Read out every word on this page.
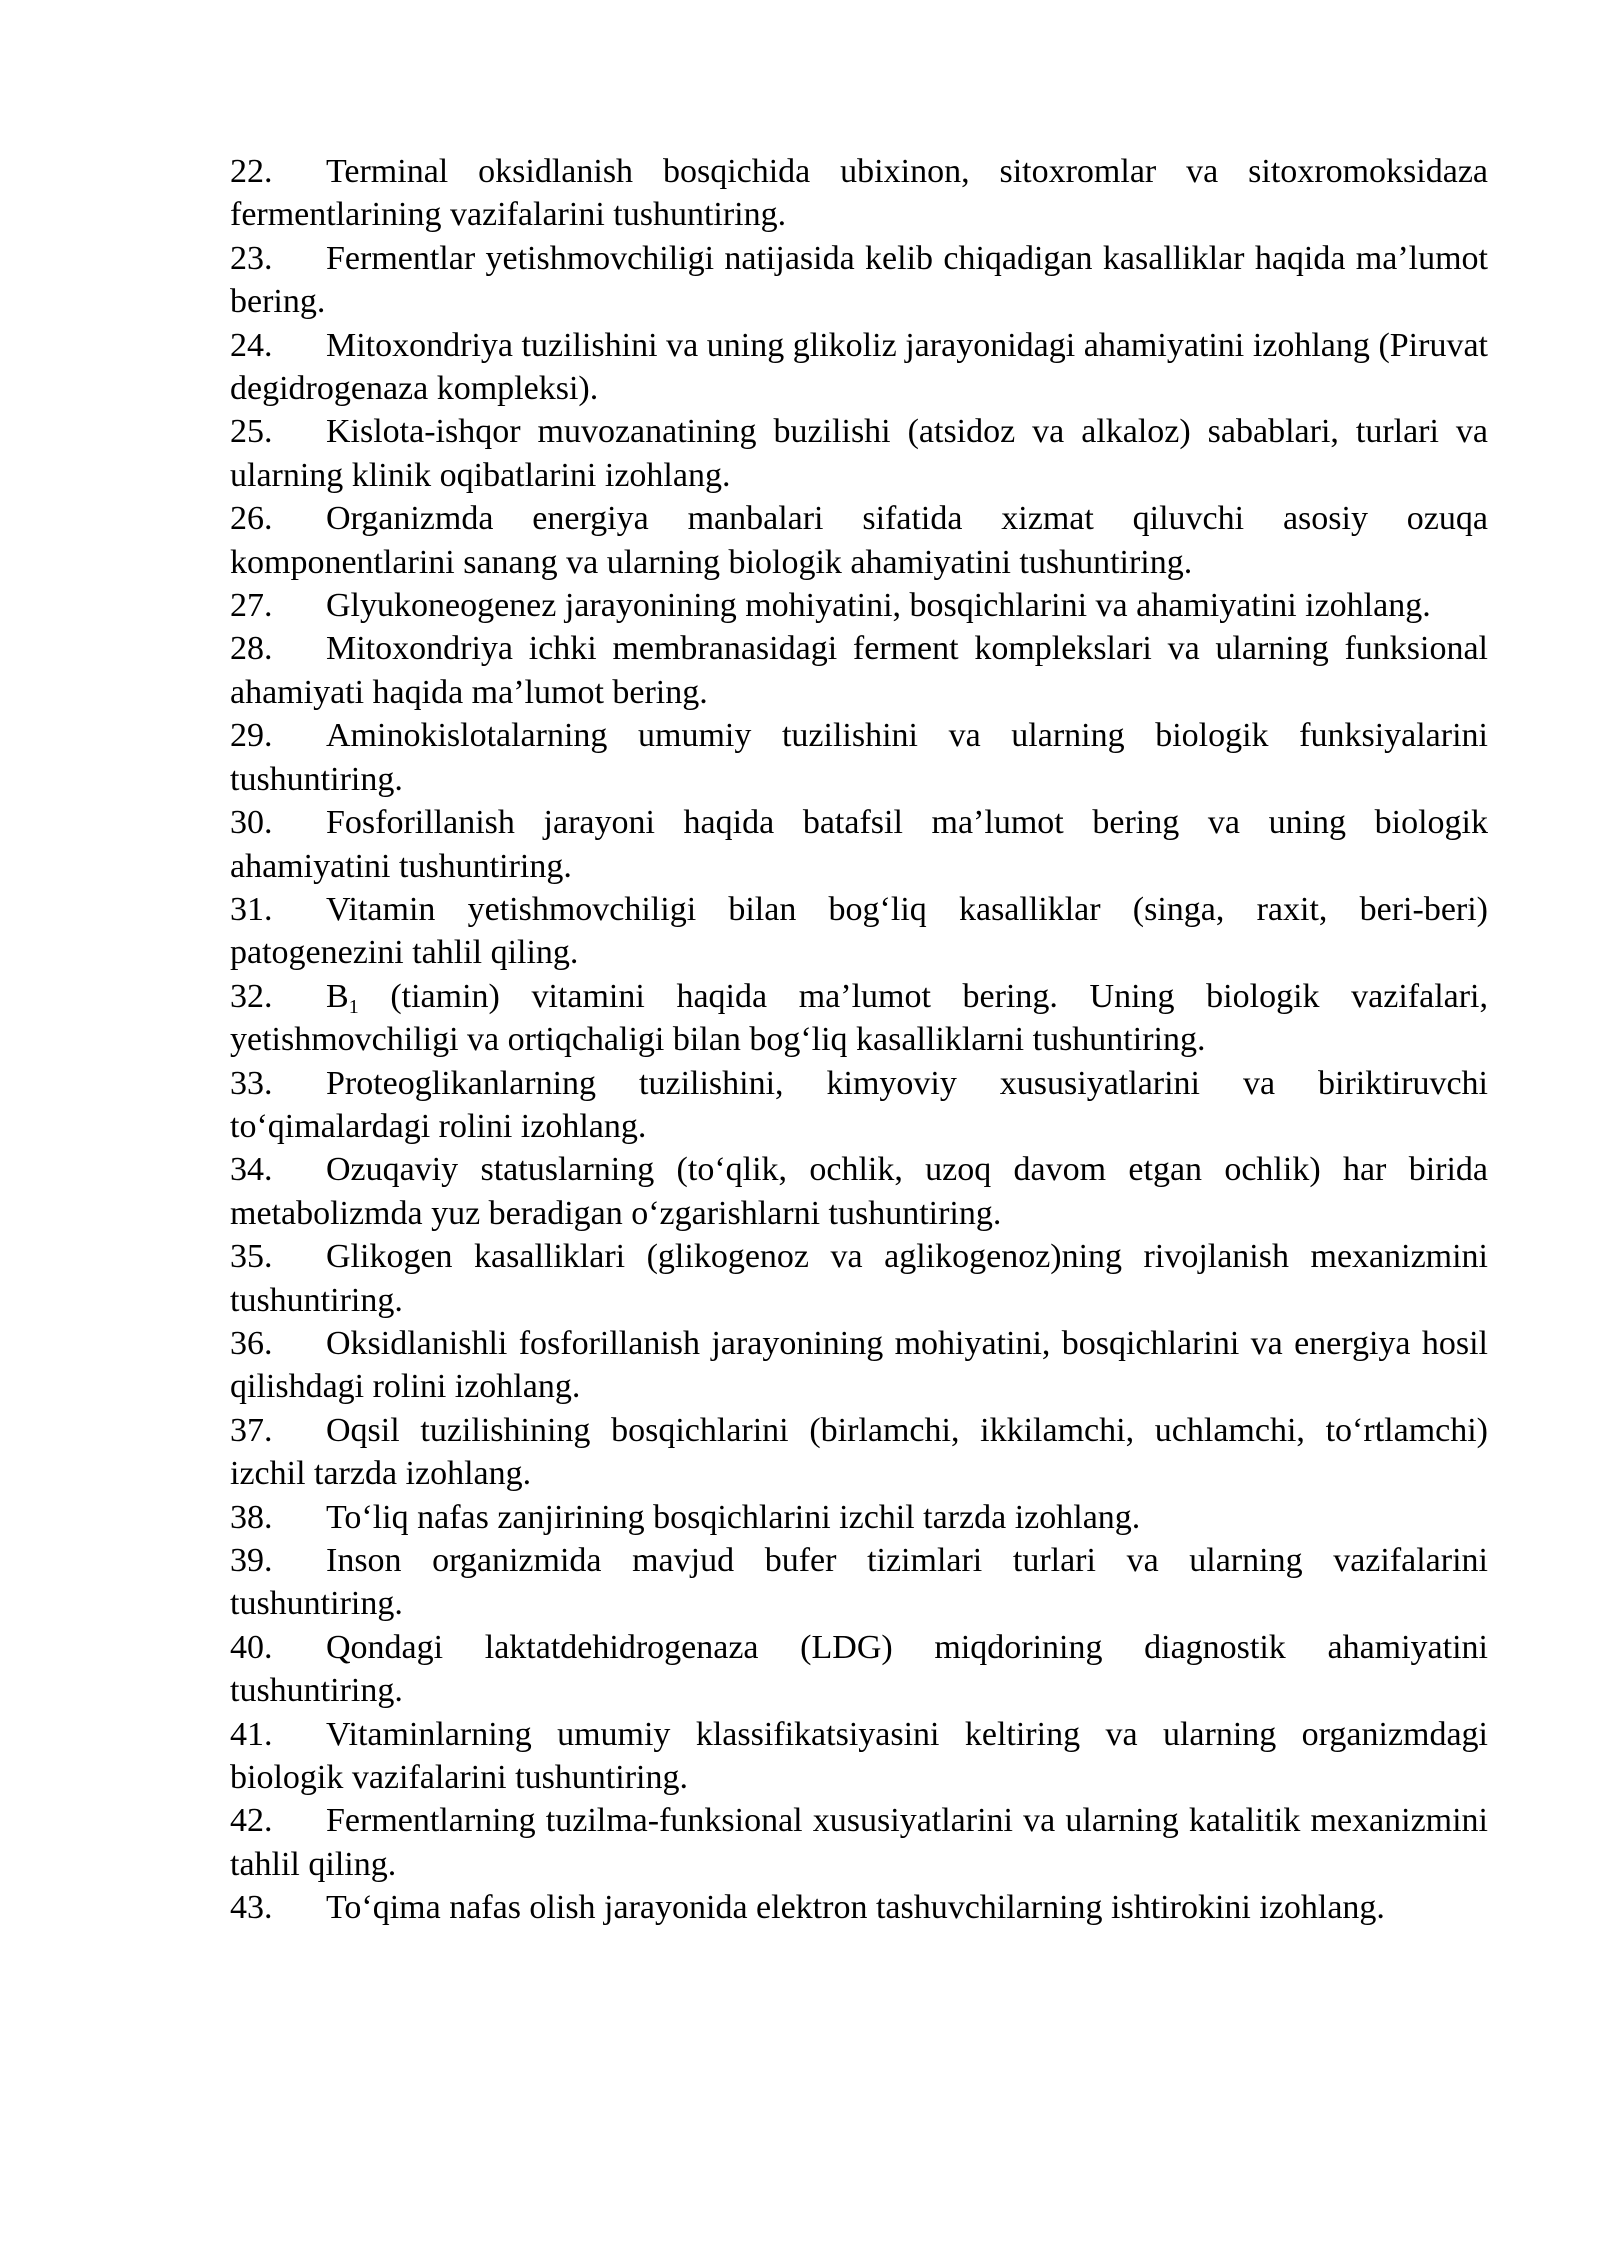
22. Terminal oksidlanish bosqichida ubixinon, sitoxromlar va sitoxromoksidaza fermentlarining vazifalarini tushuntiring.

23. Fermentlar yetishmovchiligi natijasida kelib chiqadigan kasalliklar haqida ma’lumot bering.

24. Mitoxondriya tuzilishini va uning glikoliz jarayonidagi ahamiyatini izohlang (Piruvat degidrogenaza kompleksi).

25. Kislota-ishqor muvozanatining buzilishi (atsidoz va alkaloz) sabablari, turlari va ularning klinik oqibatlarini izohlang.

26. Organizmda energiya manbalari sifatida xizmat qiluvchi asosiy ozuqa komponentlarini sanang va ularning biologik ahamiyatini tushuntiring.

27. Glyukoneogenez jarayonining mohiyatini, bosqichlarini va ahamiyatini izohlang.

28. Mitoxondriya ichki membranasidagi ferment komplekslari va ularning funksional ahamiyati haqida ma’lumot bering.

29. Aminokislotalarning umumiy tuzilishini va ularning biologik funksiyalarini tushuntiring.

30. Fosforillanish jarayoni haqida batafsil ma’lumot bering va uning biologik ahamiyatini tushuntiring.

31. Vitamin yetishmovchiligi bilan bog‘liq kasalliklar (singa, raxit, beri-beri) patogenezini tahlil qiling.

32. $B_1$ (tiamin) vitamini haqida ma’lumot bering. Uning biologik vazifalari, yetishmovchiligi va ortiqchaligi bilan bog‘liq kasalliklarni tushuntiring.

33. Proteoglikanlarning tuzilishini, kimyoviy xususiyatlarini va biriktiruvchi to‘qimalardagi rolini izohlang.

34. Ozuqaviy statuslarning (to‘qlik, ochlik, uzoq davom etgan ochlik) har birida metabolizmda yuz beradigan o‘zgarishlarni tushuntiring.

35. Glikogen kasalliklari (glikogenoz va aglikogenoz)ning rivojlanish mexanizmini tushuntiring.

36. Oksidlanishli fosforillanish jarayonining mohiyatini, bosqichlarini va energiya hosil qilishdagi rolini izohlang.

37. Oqsil tuzilishining bosqichlarini (birlamchi, ikkilamchi, uchlamchi, to‘rtlamchi) izchil tarzda izohlang.

38. To‘liq nafas zanjirining bosqichlarini izchil tarzda izohlang.

39. Inson organizmida mavjud bufer tizimlari turlari va ularning vazifalarini tushuntiring.

40. Qondagi laktatdehidrogenaza (LDG) miqdorining diagnostik ahamiyatini tushuntiring.

41. Vitaminlarning umumiy klassifikatsiyasini keltiring va ularning organizmdagi biologik vazifalarini tushuntiring.

42. Fermentlarning tuzilma-funksional xususiyatlarini va ularning katalitik mexanizmini tahlil qiling.

43. To‘qima nafas olish jarayonida elektron tashuvchilarning ishtirokini izohlang.
